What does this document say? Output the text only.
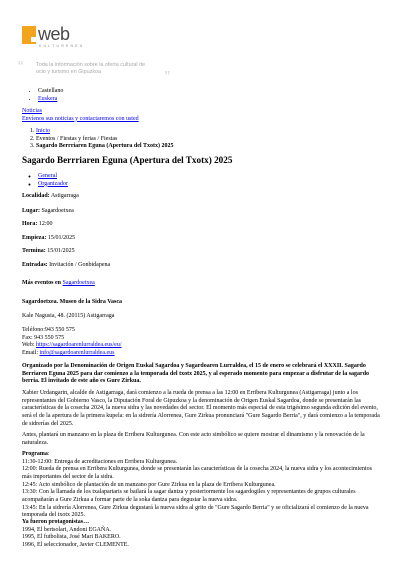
web
KULTURENEA
“	Toda la información sobre la oferta cultural de ocio y turismo en Gipuzkoa	”
• Castellano
• Euskera
Noticias
Envíenos sus noticias y contactaremos con usted
1. Inicio
2. Eventos / Fiestas y ferias / Fiestas
3. Sagardo Berrriaren Eguna (Apertura del Txotx) 2025
Sagardo Berrriaren Eguna (Apertura del Txotx) 2025
◦ General
◦ Organizador
Localidad: Astigarraga
Lugar: Sagardoetxea
Hora: 12:00
Empieza: 15/01/2025
Termina: 15/01/2025
Entradas: Invitación / Gonbidapena
Más eventos en Sagardoetxea
Sagardoetxea. Museo de la Sidra Vasca
Kale Nagusia, 48. (20115) Astigarraga
Teléfono:943 550 575
Fax: 943 550 575
Web: https://sagardoarenlurraldea.eus/eu/
Email: info@sagardoarenlurraldea.eus
Organizado por la Denominación de Origen Euskal Sagardoa y Sagardoaren Lurraldea, el 15 de enero se celebrará el XXXII. Sagardo Berriaren Eguna 2025 para dar comienzo a la temporada del txotx 2025, y al esperado momento para empezar a disfrutar de la sagardo berria. El invitado de este año es Gure Zirkua.
Xabier Urdangarin, alcalde de Astigarraga, dará comienzo a la rueda de prensa a las 12:00 en Erribera Kulturgunea (Astigarraga) junto a los representantes del Gobierno Vasco, la Diputación Foral de Gipuzkoa y la denominación de Origen Euskal Sagardoa, donde se presentarán las características de la cosecha 2024, la nueva sidra y las novedades del sector. El momento más especial de esta trigésimo segunda edición del evento, será el de la apertura de la primera kupela: en la sidrería Alorrenea, Gure Zirkua pronunciará "Gure Sagardo Berria", y dará comienzo a la temporada de sidrerías del 2025.
Antes, plantará un manzano en la plaza de Erribera Kulturgunea. Con este acto simbólico se quiere mostrar el dinamismo y la renovación de la naturaleza.
Programa:
11:30-12:00: Entrega de acreditaciones en Erribera Kulturgunea.
12:00: Rueda de prensa en Erribera Kulturgunea, donde se presentarán las características de la cosecha 2024, la nueva sidra y los acontecimientos más importantes del sector de la sidra.
12:45: Acto simbólico de plantación de un manzano por Gure Zirkua en la plaza de Erribera Kulturgunea.
13:30: Con la llamada de los txalapartaris se bailará la sagar dantza y posteriormente los sagardogiles y representantes de grupos culturales acompañarán a Gure Zirkua a formar parte de la soka dantza para degustar la nueva sidra.
13:45: En la sidrería Alorrenea, Gure Zirkua degustará la nueva sidra al grito de "Gure Sagardo Berria" y se oficializará el comienzo de la nueva temporada del txotx 2025.
Ya fueron protagonistas…
1994, El bertsolari, Andoni EGAÑA.
1995, El futbolista, José Mari BAKERO.
1996, El seleccionador, Javier CLEMENTE.
